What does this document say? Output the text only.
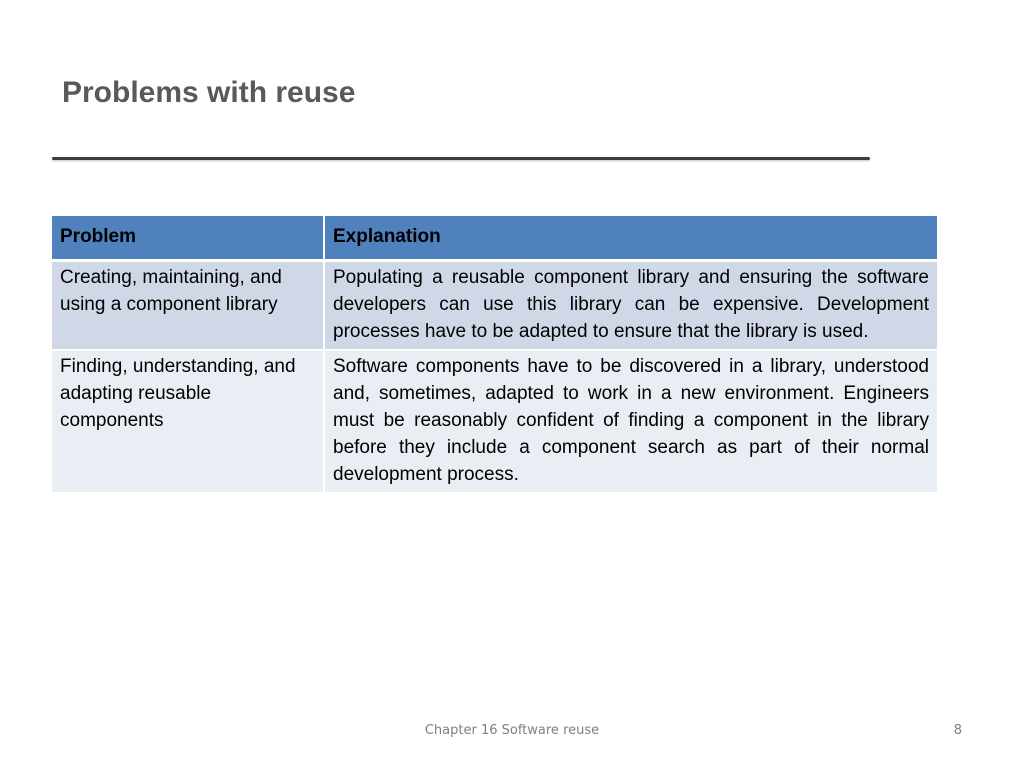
Problems with reuse
Problem	Explanation
Creating, maintaining, and using a component library	Populating a reusable component library and ensuring the software developers can use this library can be expensive. Development processes have to be adapted to ensure that the library is used.
Finding, understanding, and adapting reusable components	Software components have to be discovered in a library, understood and, sometimes, adapted to work in a new environment. Engineers must be reasonably confident of finding a component in the library before they include a component search as part of their normal development process.
Chapter 16 Software reuse	8
